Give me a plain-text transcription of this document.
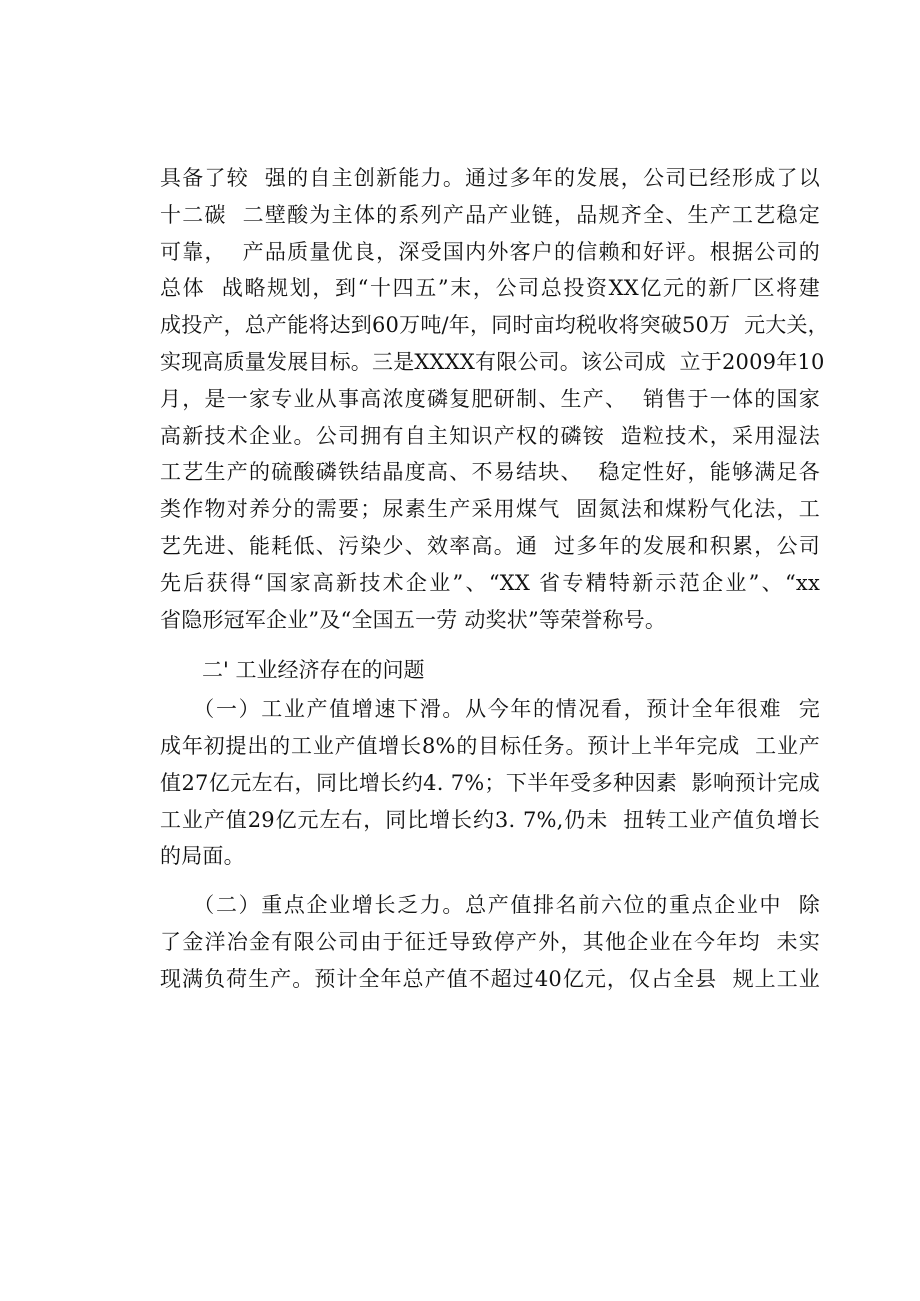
具备了较  强的自主创新能力。通过多年的发展，公司已经形成了以
十二碳  二壁酸为主体的系列产品产业链，品规齐全、生产工艺稳定
可靠，  产品质量优良，深受国内外客户的信赖和好评。根据公司的
总体  战略规划，到“十四五”末，公司总投资XX亿元的新厂区将建
成投产，总产能将达到60万吨/年，同时亩均税收将突破50万  元大关，
实现高质量发展目标。三是XXXX有限公司。该公司成  立于2009年10
月，是一家专业从事高浓度磷复肥研制、生产、  销售于一体的国家
高新技术企业。公司拥有自主知识产权的磷铵  造粒技术，采用湿法
工艺生产的硫酸磷铁结晶度高、不易结块、  稳定性好，能够满足各
类作物对养分的需要；尿素生产采用煤气  固氮法和煤粉气化法，工
艺先进、能耗低、污染少、效率高。通  过多年的发展和积累，公司
先后获得“国家高新技术企业”、“XX 省专精特新示范企业”、“xx
省隐形冠军企业”及“全国五一劳 动奖状”等荣誉称号。
二' 工业经济存在的问题
（一）工业产值增速下滑。从今年的情况看，预计全年很难  完
成年初提出的工业产值增长8%的目标任务。预计上半年完成  工业产
值27亿元左右，同比增长约4. 7%；下半年受多种因素  影响预计完成
工业产值29亿元左右，同比增长约3. 7%,仍未  扭转工业产值负增长
的局面。
（二）重点企业增长乏力。总产值排名前六位的重点企业中  除
了金洋冶金有限公司由于征迁导致停产外，其他企业在今年均  未实
现满负荷生产。预计全年总产值不超过40亿元，仅占全县  规上工业
